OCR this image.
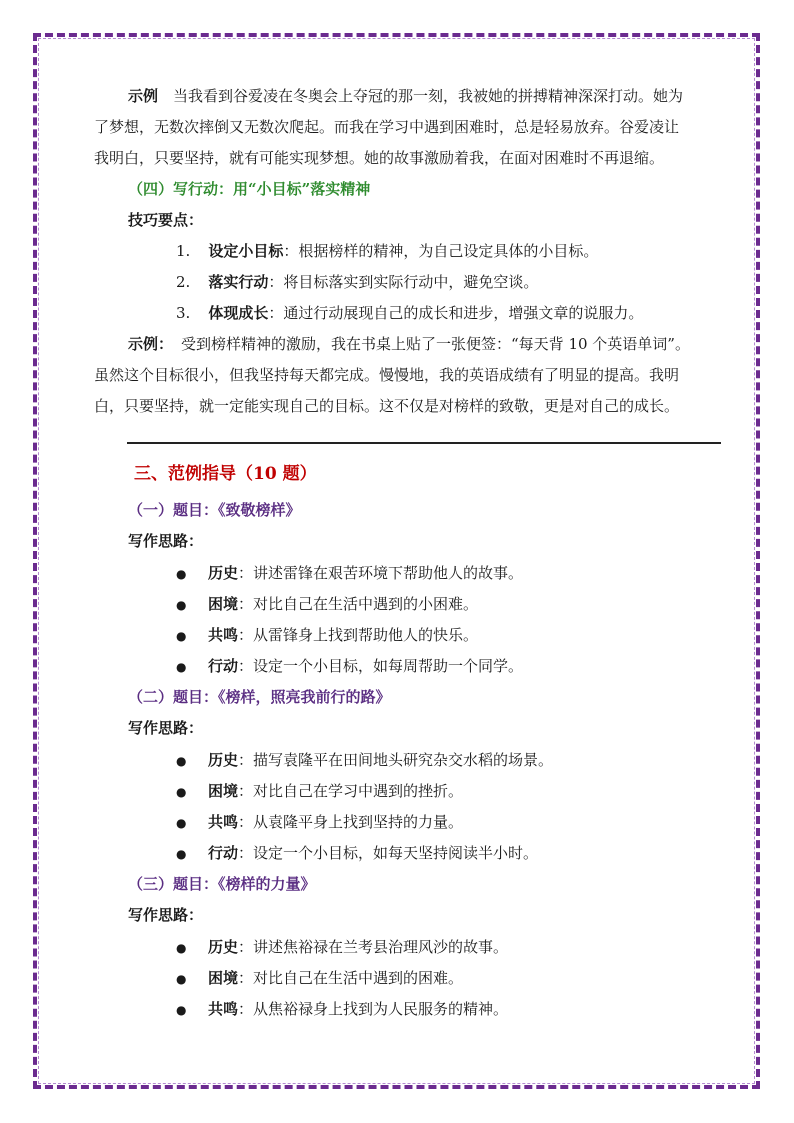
示例　 当我看到谷爱凌在冬奥会上夺冠的那一刻，我被她的拼搏精神深深打动。她为
了梦想，无数次摔倒又无数次爬起。而我在学习中遇到困难时，总是轻易放弃。谷爱凌让
我明白，只要坚持，就有可能实现梦想。她的故事激励着我，在面对困难时不再退缩。
（四）写行动：用“小目标”落实精神
技巧要点：
1. 设定小目标：根据榜样的精神，为自己设定具体的小目标。
2. 落实行动：将目标落实到实际行动中，避免空谈。
3. 体现成长：通过行动展现自己的成长和进步，增强文章的说服力。
示例： 受到榜样精神的激励，我在书桌上贴了一张便签：“每天背 10 个英语单词”。
虽然这个目标很小，但我坚持每天都完成。慢慢地，我的英语成绩有了明显的提高。我明
白，只要坚持，就一定能实现自己的目标。这不仅是对榜样的致敬，更是对自己的成长。
三、范例指导（10 题）
（一）题目：《致敬榜样》
写作思路：
● 历史：讲述雷锋在艰苦环境下帮助他人的故事。
● 困境：对比自己在生活中遇到的小困难。
● 共鸣：从雷锋身上找到帮助他人的快乐。
● 行动：设定一个小目标，如每周帮助一个同学。
（二）题目：《榜样，照亮我前行的路》
写作思路：
● 历史：描写袁隆平在田间地头研究杂交水稻的场景。
● 困境：对比自己在学习中遇到的挫折。
● 共鸣：从袁隆平身上找到坚持的力量。
● 行动：设定一个小目标，如每天坚持阅读半小时。
（三）题目：《榜样的力量》
写作思路：
● 历史：讲述焦裕禄在兰考县治理风沙的故事。
● 困境：对比自己在生活中遇到的困难。
● 共鸣：从焦裕禄身上找到为人民服务的精神。
